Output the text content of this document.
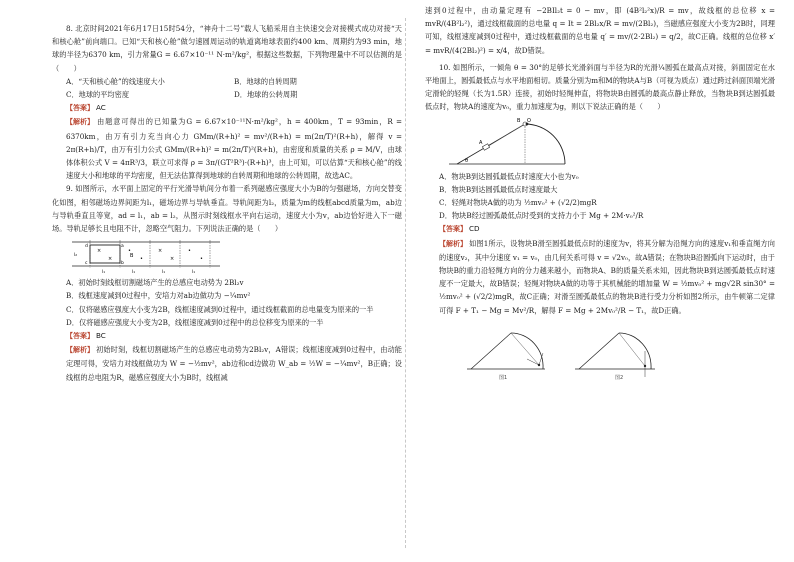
8. 北京时间2021年6月17日15时54分，“神舟十二号”载人飞船采用自主快速交会对接模式成功对接“天和核心舱”前向端口。已知“天和核心舱”做匀速圆周运动的轨道离地球表面约400 km、周期约为93 min，地球的半径为6370 km，引力常量G = 6.67×10⁻¹¹ N·m²/kg²，根据这些数据，下列物理量中不可以估测的是（　　）

A．“天和核心舱”的线速度大小	B．地球的自转周期
C．地球的平均密度	D．地球的公转周期

【答案】 AC

【解析】 由题意可得出的已知量为G = 6.67×10⁻¹¹N·m²/kg²，h = 400km，T = 93min，R = 6370km，由万有引力充当向心力 GMm/(R+h)² = mv²/(R+h) = m(2π/T)²(R+h)，解得 v = 2π(R+h)/T，由万有引力公式 GMm/(R+h)² = m(2π/T)²(R+h)，由密度和质量的关系 ρ = M/V，由球体体积公式 V = 4πR³/3，联立可求得 ρ = 3π/(GT²R³)·(R+h)³，由上可知，可以估算“天和核心舱”的线速度大小和地球的平均密度，但无法估算得到地球的自转周期和地球的公转周期，故选AC。

9. 如图所示，水平面上固定的平行光滑导轨间分布着一系列磁感应强度大小为B的匀强磁场，方向交替变化如图，相邻磁场边界间距为l₁，磁场边界与导轨垂直。导轨间距为l₂，质量为m的线框abcd质量为m，ab边与导轨垂直且等宽，ad = l₁，ab = l₂，从图示时刻线框水平向右运动，速度大小为v，ab边恰好进入下一磁场。导轨足够长且电阻不计，忽略空气阻力。下列说法正确的是（　　）

×
×
•
•
×
×
•
•
B
a
b
d
c
l₂
l₁	l₁	l₁	l₁
A．初始时刻线框切割磁场产生的总感应电动势为 2Bl₂v
B．线框速度减到0过程中，安培力对ab边做功为 −¼mv²
C．仅将磁感应强度大小变为2B，线框速度减到0过程中，通过线框截面的总电量变为原来的一半
D．仅将磁感应强度大小变为2B，线框速度减到0过程中的总位移变为原来的一半

【答案】 BC

【解析】 初始时刻，线框切割磁场产生的总感应电动势为2Bl₂v，A错误；线框速度减到0过程中，由动能定理可得，安培力对线框做功为 W = −½mv²，ab边和cd边做功 W_ab = ½W = −¼mv²，B正确；设线框的总电阻为R，磁感应强度大小为B时，线框减

速到0过程中，由动量定理有 −2BIl₂t = 0 − mv，即 (4B²l₂²x)/R = mv，故线框的总位移 x = mvR/(4B²l₂²)，通过线框截面的总电量 q = It = 2Bl₂x/R = mv/(2Bl₂)，当磁感应强度大小变为2B时，同理可知，线框速度减到0过程中，通过线框截面的总电量 q′ = mv/(2·2Bl₂) = q/2，故C正确。线框的总位移 x′ = mvR/(4(2Bl₂)²) = x/4，故D错误。

10. 如图所示，一倾角 θ = 30°的足够长光滑斜面与半径为R的光滑¼圆弧在最高点对接，斜面固定在水平地面上，圆弧最低点与水平地面相切。质量分别为m和M的物块A与B（可视为质点）通过跨过斜面顶端光滑定滑轮的轻绳（长为1.5R）连接，初始时轻绳伸直，将物块B由圆弧的最高点静止释放，当物块B到达圆弧最低点时，物块A的速度为v₀，重力加速度为g，则以下说法正确的是（　　）

O
A
B
θ
A．物块B到达圆弧最低点时速度大小也为v₀
B．物块B到达圆弧最低点时速度最大
C．轻绳对物块A做的功为 ½mv₀² + (√2/2)mgR
D．物块B经过圆弧最低点时受到的支持力小于 Mg + 2M·v₀²/R

【答案】 CD

【解析】 如图1所示，设物块B滑至圆弧最低点时的速度为v，将其分解为沿绳方向的速度v₁和垂直绳方向的速度v₂，其中分速度 v₁ = v₀，由几何关系可得 v = √2v₀，故A错误；在物块B沿圆弧向下运动时，由于物块B的重力沿轻绳方向的分力越来越小，而物块A、B的质量关系未知，因此物块B到达圆弧最低点时速度不一定最大，故B错误；轻绳对物块A做的功等于其机械能的增加量 W = ½mv₀² + mg√2R sin30° = ½mv₀² + (√2/2)mgR，故C正确；对滑至圆弧最低点的物块B进行受力分析如图2所示，由牛顿第二定律可得 F + T₁ − Mg = Mv²/R，解得 F = Mg + 2Mv₀²/R − T₁，故D正确。

图1	图2
